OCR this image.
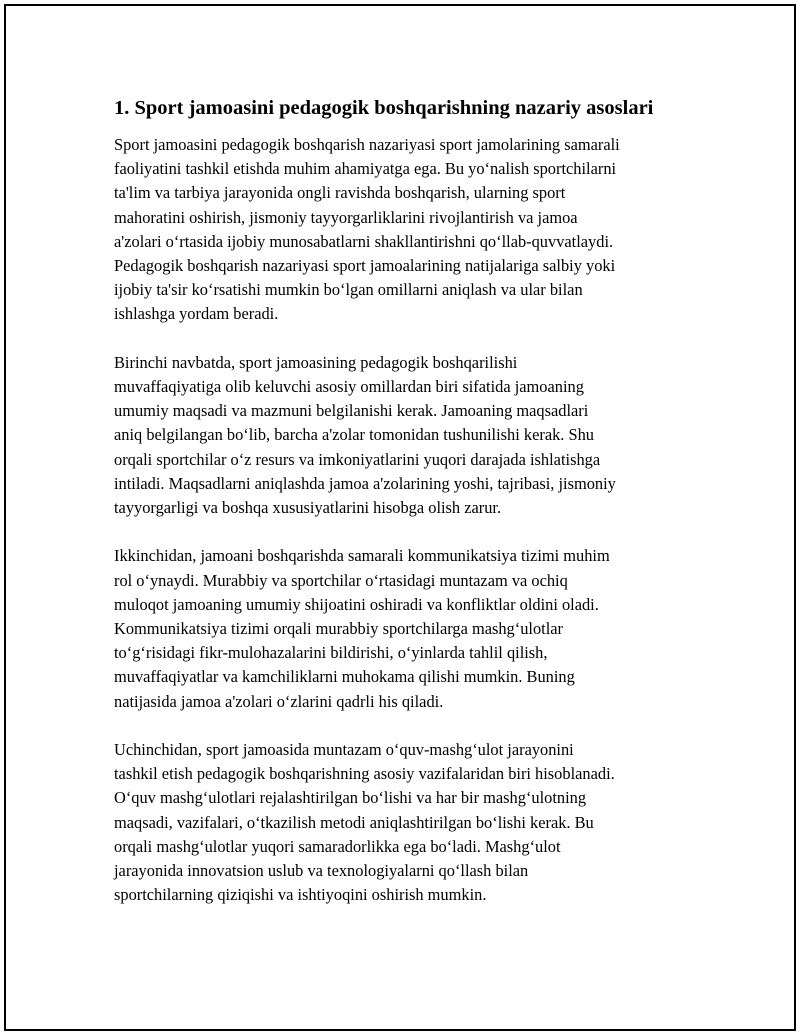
1. Sport jamoasini pedagogik boshqarishning nazariy asoslari

Sport jamoasini pedagogik boshqarish nazariyasi sport jamolarining samarali
faoliyatini tashkil etishda muhim ahamiyatga ega. Bu yo‘nalish sportchilarni
ta'lim va tarbiya jarayonida ongli ravishda boshqarish, ularning sport
mahoratini oshirish, jismoniy tayyorgarliklarini rivojlantirish va jamoa
a'zolari o‘rtasida ijobiy munosabatlarni shakllantirishni qo‘llab-quvvatlaydi.
Pedagogik boshqarish nazariyasi sport jamoalarining natijalariga salbiy yoki
ijobiy ta'sir ko‘rsatishi mumkin bo‘lgan omillarni aniqlash va ular bilan
ishlashga yordam beradi.

Birinchi navbatda, sport jamoasining pedagogik boshqarilishi
muvaffaqiyatiga olib keluvchi asosiy omillardan biri sifatida jamoaning
umumiy maqsadi va mazmuni belgilanishi kerak. Jamoaning maqsadlari
aniq belgilangan bo‘lib, barcha a'zolar tomonidan tushunilishi kerak. Shu
orqali sportchilar o‘z resurs va imkoniyatlarini yuqori darajada ishlatishga
intiladi. Maqsadlarni aniqlashda jamoa a'zolarining yoshi, tajribasi, jismoniy
tayyorgarligi va boshqa xususiyatlarini hisobga olish zarur.

Ikkinchidan, jamoani boshqarishda samarali kommunikatsiya tizimi muhim
rol o‘ynaydi. Murabbiy va sportchilar o‘rtasidagi muntazam va ochiq
muloqot jamoaning umumiy shijoatini oshiradi va konfliktlar oldini oladi.
Kommunikatsiya tizimi orqali murabbiy sportchilarga mashg‘ulotlar
to‘g‘risidagi fikr-mulohazalarini bildirishi, o‘yinlarda tahlil qilish,
muvaffaqiyatlar va kamchiliklarni muhokama qilishi mumkin. Buning
natijasida jamoa a'zolari o‘zlarini qadrli his qiladi.

Uchinchidan, sport jamoasida muntazam o‘quv-mashg‘ulot jarayonini
tashkil etish pedagogik boshqarishning asosiy vazifalaridan biri hisoblanadi.
O‘quv mashg‘ulotlari rejalashtirilgan bo‘lishi va har bir mashg‘ulotning
maqsadi, vazifalari, o‘tkazilish metodi aniqlashtirilgan bo‘lishi kerak. Bu
orqali mashg‘ulotlar yuqori samaradorlikka ega bo‘ladi. Mashg‘ulot
jarayonida innovatsion uslub va texnologiyalarni qo‘llash bilan
sportchilarning qiziqishi va ishtiyoqini oshirish mumkin.
